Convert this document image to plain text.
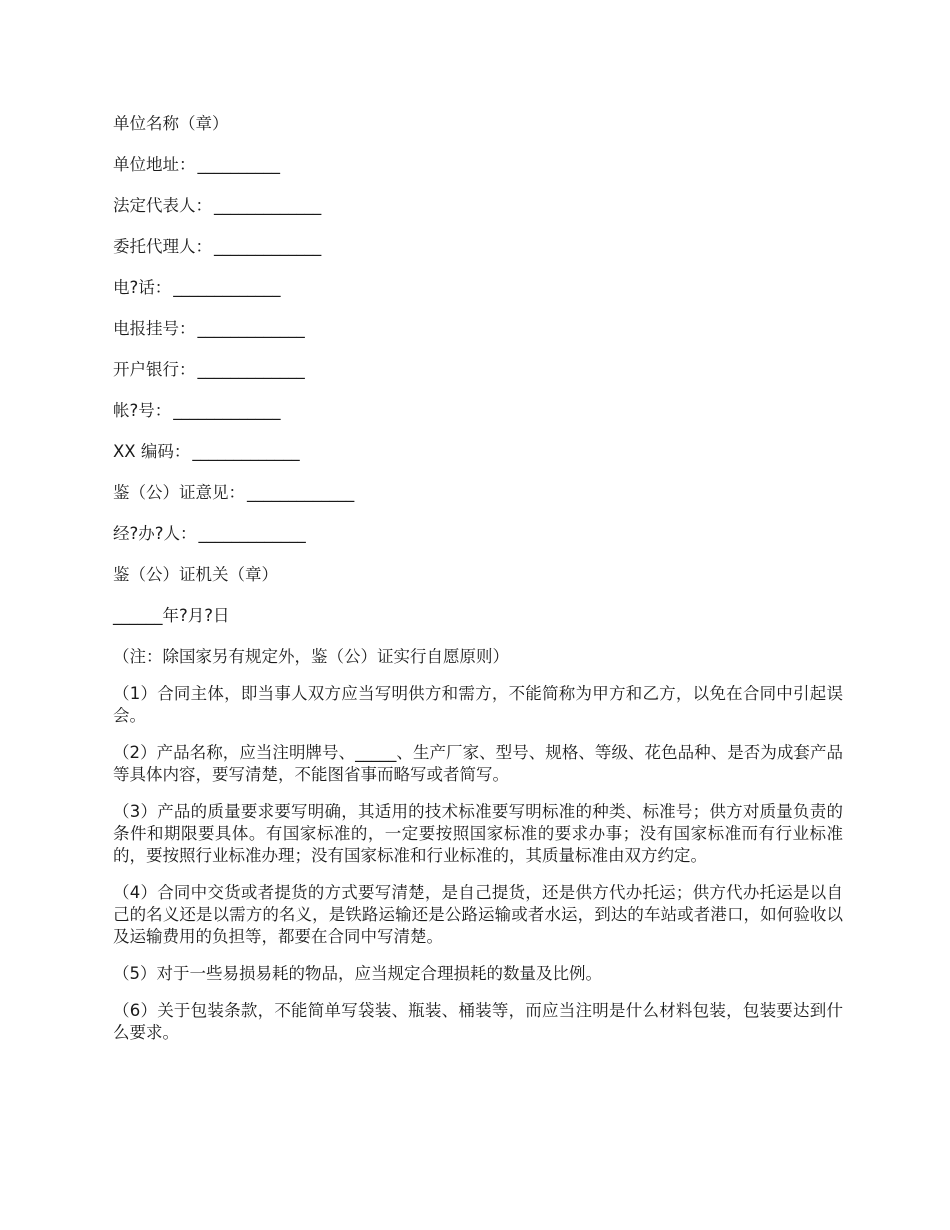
单位名称（章）
单位地址： __________
法定代表人： _____________
委托代理人： _____________
电?话： _____________
电报挂号： _____________
开户银行： _____________
帐?号： _____________
XX 编码： _____________
鉴（公）证意见： _____________
经?办?人： _____________
鉴（公）证机关（章）
______年?月?日
（注：除国家另有规定外，鉴（公）证实行自愿原则）

（1）合同主体，即当事人双方应当写明供方和需方，不能简称为甲方和乙方，以免在合同中引起误会。

（2）产品名称，应当注明牌号、_____、生产厂家、型号、规格、等级、花色品种、是否为成套产品等具体内容，要写清楚，不能图省事而略写或者简写。

（3）产品的质量要求要写明确，其适用的技术标准要写明标准的种类、标准号；供方对质量负责的条件和期限要具体。有国家标准的，一定要按照国家标准的要求办事；没有国家标准而有行业标准的，要按照行业标准办理；没有国家标准和行业标准的，其质量标准由双方约定。

（4）合同中交货或者提货的方式要写清楚，是自己提货，还是供方代办托运；供方代办托运是以自己的名义还是以需方的名义，是铁路运输还是公路运输或者水运，到达的车站或者港口，如何验收以及运输费用的负担等，都要在合同中写清楚。

（5）对于一些易损易耗的物品，应当规定合理损耗的数量及比例。

（6）关于包装条款，不能简单写袋装、瓶装、桶装等，而应当注明是什么材料包装，包装要达到什么要求。
